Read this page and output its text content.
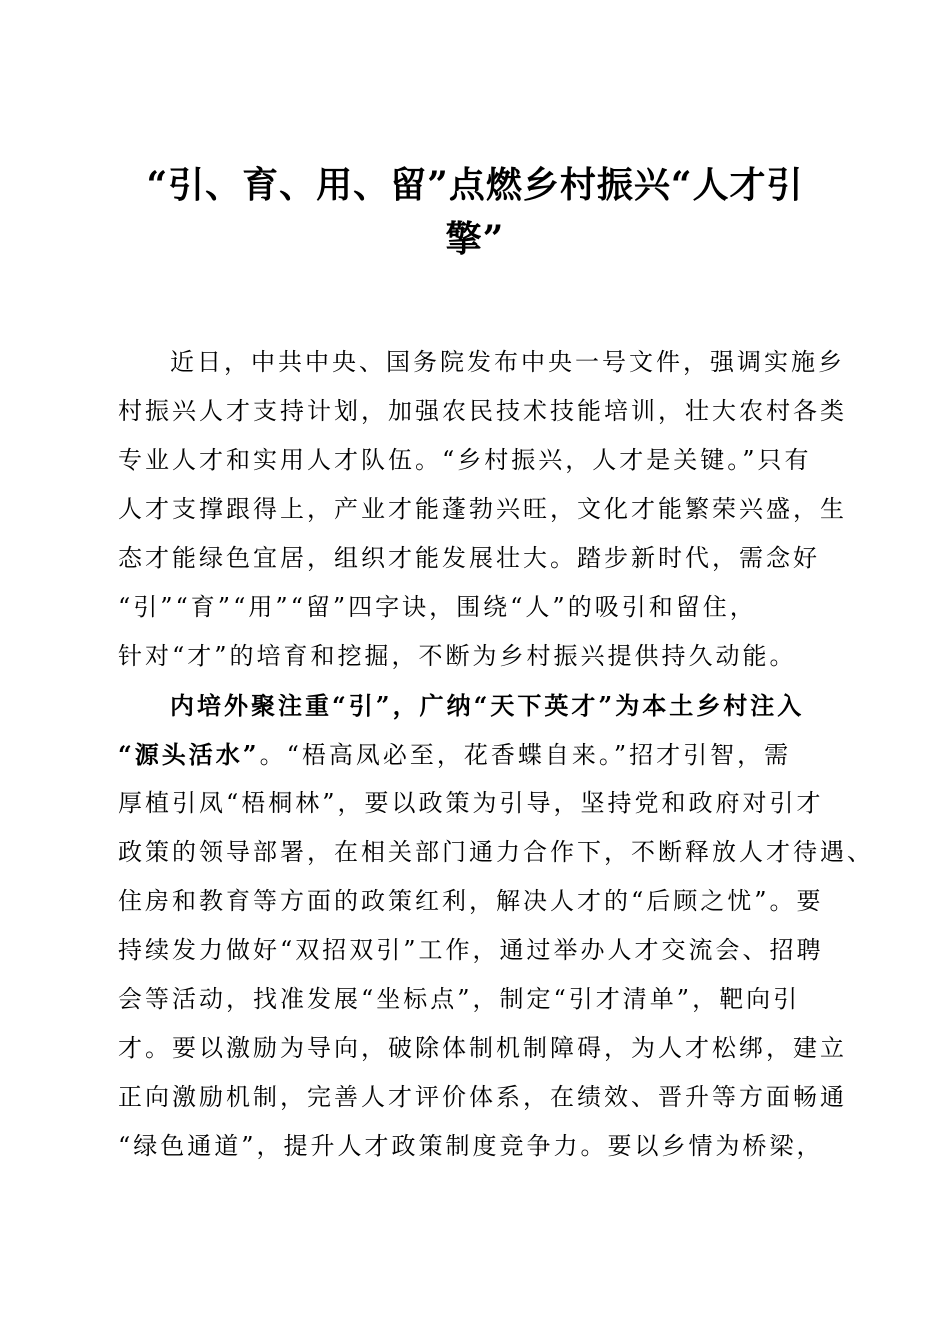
“引、育、用、留”点燃乡村振兴“人才引
擎”

近日，中共中央、国务院发布中央一号文件，强调实施乡
村振兴人才支持计划，加强农民技术技能培训，壮大农村各类
专业人才和实用人才队伍。“乡村振兴，人才是关键。”只有
人才支撑跟得上，产业才能蓬勃兴旺，文化才能繁荣兴盛，生
态才能绿色宜居，组织才能发展壮大。踏步新时代，需念好
“引”“育”“用”“留”四字诀，围绕“人”的吸引和留住，
针对“才”的培育和挖掘，不断为乡村振兴提供持久动能。

内培外聚注重“引”，广纳“天下英才”为本土乡村注入
“源头活水”。“梧高凤必至，花香蝶自来。”招才引智，需
厚植引凤“梧桐林”，要以政策为引导，坚持党和政府对引才
政策的领导部署，在相关部门通力合作下，不断释放人才待遇、
住房和教育等方面的政策红利，解决人才的“后顾之忧”。要
持续发力做好“双招双引”工作，通过举办人才交流会、招聘
会等活动，找准发展“坐标点”，制定“引才清单”，靶向引
才。要以激励为导向，破除体制机制障碍，为人才松绑，建立
正向激励机制，完善人才评价体系，在绩效、晋升等方面畅通
“绿色通道”，提升人才政策制度竞争力。要以乡情为桥梁，
